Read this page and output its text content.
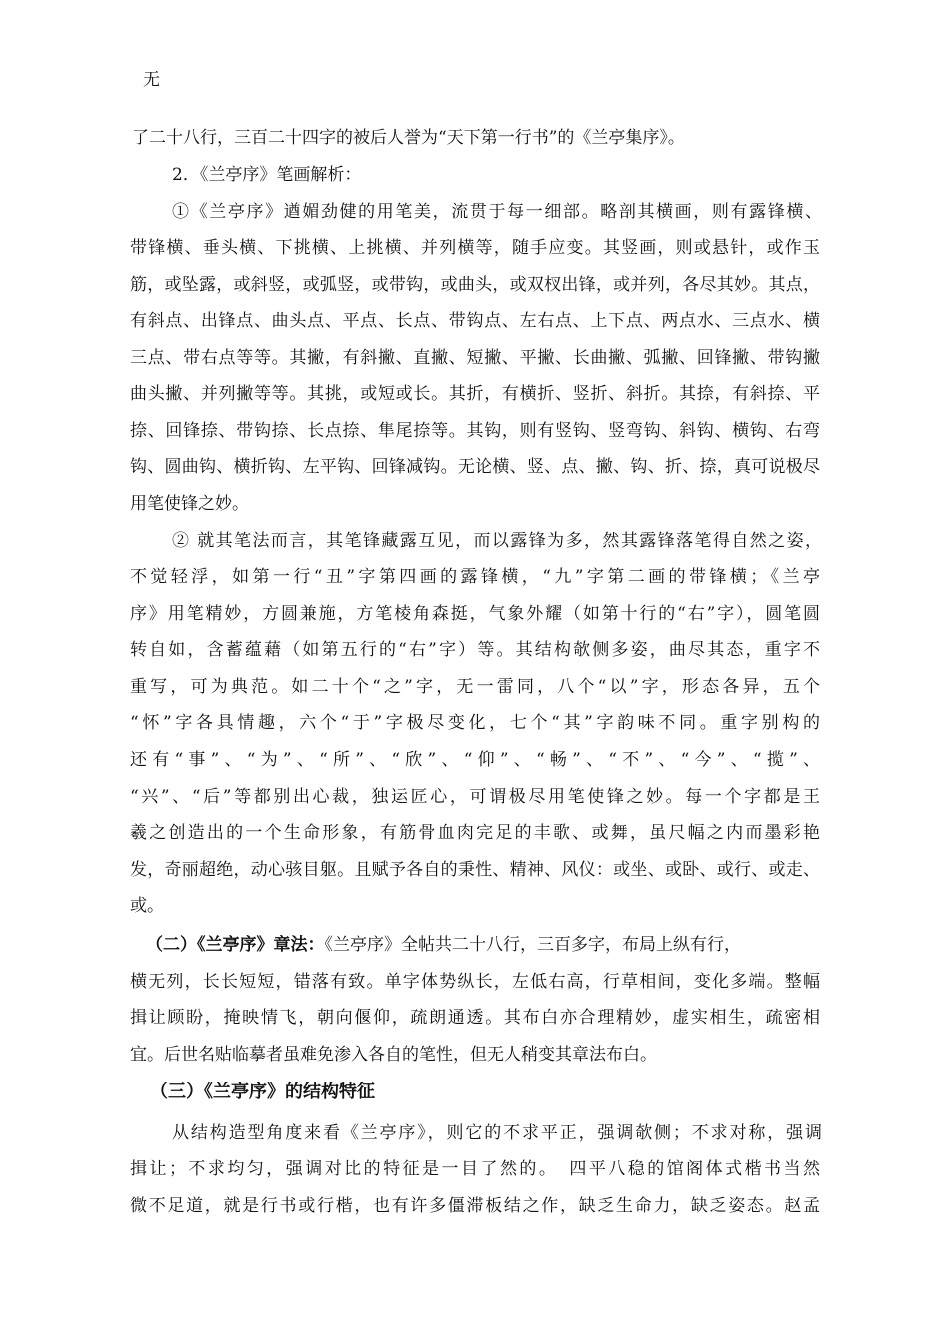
无
了二十八行，三百二十四字的被后人誉为“天下第一行书”的《兰亭集序》。
2．《兰亭序》笔画解析：
①《兰亭序》遒媚劲健的用笔美，流贯于每一细部。略剖其横画，则有露锋横、
带锋横、垂头横、下挑横、上挑横、并列横等，随手应变。其竖画，则或悬针，或作玉
筋，或坠露，或斜竖，或弧竖，或带钩，或曲头，或双杈出锋，或并列，各尽其妙。其点，
有斜点、出锋点、曲头点、平点、长点、带钩点、左右点、上下点、两点水、三点水、横
三点、带右点等等。其撇，有斜撇、直撇、短撇、平撇、长曲撇、弧撇、回锋撇、带钩撇
曲头撇、并列撇等等。其挑，或短或长。其折，有横折、竖折、斜折。其捺，有斜捺、平
捺、回锋捺、带钩捺、长点捺、隼尾捺等。其钩，则有竖钩、竖弯钩、斜钩、横钩、右弯
钩、圆曲钩、横折钩、左平钩、回锋减钩。无论横、竖、点、撇、钩、折、捺，真可说极尽
用笔使锋之妙。
② 就其笔法而言，其笔锋藏露互见，而以露锋为多，然其露锋落笔得自然之姿，
不觉轻浮，如第一行“丑”字第四画的露锋横，“九”字第二画的带锋横；《兰亭
序》用笔精妙，方圆兼施，方笔棱角森挺，气象外耀（如第十行的“右”字），圆笔圆
转自如，含蓄蕴藉（如第五行的“右”字）等。其结构欹侧多姿，曲尽其态，重字不
重写，可为典范。如二十个“之”字，无一雷同，八个“以”字，形态各异，五个
“怀”字各具情趣，六个“于”字极尽变化，七个“其”字韵味不同。重字别构的
还有“事”、“为”、“所”、“欣”、“仰”、“畅”、“不”、“今”、“揽”、
“兴”、“后”等都别出心裁，独运匠心，可谓极尽用笔使锋之妙。每一个字都是王
羲之创造出的一个生命形象，有筋骨血肉完足的丰歌、或舞，虽尺幅之内而墨彩艳
发，奇丽超绝，动心骇目躯。且赋予各自的秉性、精神、风仪：或坐、或卧、或行、或走、
或。
（二）《兰亭序》章法：《兰亭序》全帖共二十八行，三百多字，布局上纵有行，
横无列，长长短短，错落有致。单字体势纵长，左低右高，行草相间，变化多端。整幅
揖让顾盼，掩映情飞，朝向偃仰，疏朗通透。其布白亦合理精妙，虚实相生，疏密相
宜。后世名贴临摹者虽难免渗入各自的笔性，但无人稍变其章法布白。
（三）《兰亭序》的结构特征
从结构造型角度来看《兰亭序》，则它的不求平正，强调欹侧；不求对称，强调
揖让；不求均匀，强调对比的特征是一目了然的。　四平八稳的馆阁体式楷书当然
微不足道，就是行书或行楷，也有许多僵滞板结之作，缺乏生命力，缺乏姿态。赵孟
